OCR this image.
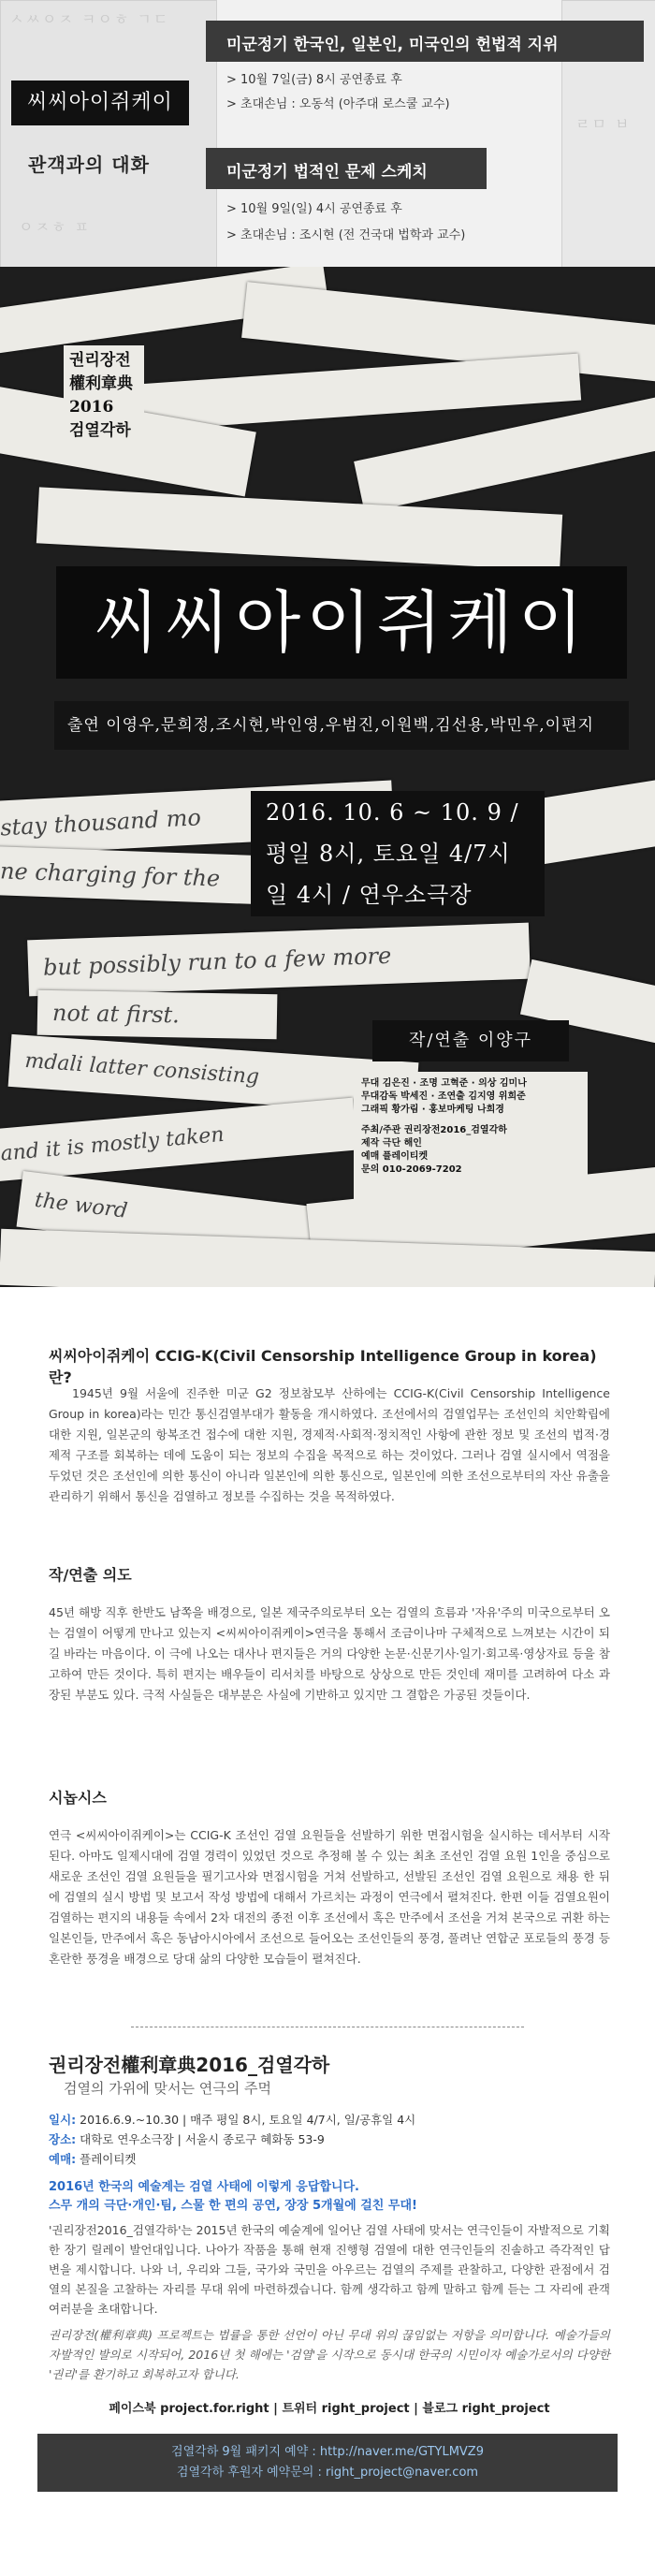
ㅅㅆㅇㅈ ㅋㅇㅎ ㄱㄷ
ㄹㅁ ㅂ
ㅇㅈㅎ ㅍ
씨씨아이쥐케이
관객과의 대화
미군정기 한국인, 일본인, 미국인의 헌법적 지위
> 10월 7일(금) 8시 공연종료 후
> 초대손님 : 오동석 (아주대 로스쿨 교수)
미군정기 법적인 문제 스케치
> 10월 9일(일) 4시 공연종료 후
> 초대손님 : 조시현 (전 건국대 법학과 교수)
stay thousand mo
ne charging for the
but possibly run to a few more
not at first.
mdali latter consisting
and it is mostly taken
the word
권리장전
權利章典
2016
검열각하
씨씨아이쥐케이
출연 이영우,문희정,조시현,박인영,우범진,이원백,김선용,박민우,이편지
2016. 10. 6 ~ 10. 9 /
평일 8시, 토요일 4/7시
일 4시 / 연우소극장
작/연출 이양구
무대 김은진 · 조명 고혁준 · 의상 김미나
무대감독 박세진 · 조연출 김지영 위희준
그래픽 황가림 · 홍보마케팅 나희경
주최/주관 권리장전2016_검열각하
제작 극단 해인
예매 플레이티켓
문의 010-2069-7202
씨씨아이쥐케이 CCIG-K(Civil Censorship Intelligence Group in korea)란?
1945년 9월 서울에 진주한 미군 G2 정보참모부 산하에는 CCIG-K(Civil Censorship Intelligence Group in korea)라는 민간 통신검열부대가 활동을 개시하였다. 조선에서의 검열업무는 조선인의 치안확립에 대한 지원, 일본군의 항복조건 접수에 대한 지원, 경제적·사회적·정치적인 사항에 관한 정보 및 조선의 법적·경제적 구조를 회복하는 데에 도움이 되는 정보의 수집을 목적으로 하는 것이었다. 그러나 검열 실시에서 역점을 두었던 것은 조선인에 의한 통신이 아니라 일본인에 의한 통신으로, 일본인에 의한 조선으로부터의 자산 유출을 관리하기 위해서 통신을 검열하고 정보를 수집하는 것을 목적하였다.
작/연출 의도
45년 해방 직후 한반도 남쪽을 배경으로, 일본 제국주의로부터 오는 검열의 흐름과 '자유'주의 미국으로부터 오는 검열이 어떻게 만나고 있는지 <씨씨아이쥐케이>연극을 통해서 조금이나마 구체적으로 느껴보는 시간이 되길 바라는 마음이다. 이 극에 나오는 대사나 편지들은 거의 다양한 논문·신문기사·일기·회고록·영상자료 등을 참고하여 만든 것이다. 특히 편지는 배우들이 리서치를 바탕으로 상상으로 만든 것인데 재미를 고려하여 다소 과장된 부분도 있다. 극적 사실들은 대부분은 사실에 기반하고 있지만 그 결합은 가공된 것들이다.
시놉시스
연극 <씨씨아이쥐케이>는 CCIG-K 조선인 검열 요원들을 선발하기 위한 면접시험을 실시하는 데서부터 시작된다. 아마도 일제시대에 검열 경력이 있었던 것으로 추정해 볼 수 있는 최초 조선인 검열 요원 1인을 중심으로 새로운 조선인 검열 요원들을 필기고사와 면접시험을 거쳐 선발하고, 선발된 조선인 검열 요원으로 채용 한 뒤에 검열의 실시 방법 및 보고서 작성 방법에 대해서 가르치는 과정이 연극에서 펼쳐진다. 한편 이들 검열요원이 검열하는 편지의 내용들 속에서 2차 대전의 종전 이후 조선에서 혹은 만주에서 조선을 거쳐 본국으로 귀환 하는 일본인들, 만주에서 혹은 동남아시아에서 조선으로 들어오는 조선인들의 풍경, 풀려난 연합군 포로들의 풍경 등 혼란한 풍경을 배경으로 당대 삶의 다양한 모습들이 펼쳐진다.
권리장전權利章典2016_검열각하
검열의 가위에 맞서는 연극의 주먹
일시: 2016.6.9.~10.30 | 매주 평일 8시, 토요일 4/7시, 일/공휴일 4시
장소: 대학로 연우소극장 | 서울시 종로구 혜화동 53-9
예매: 플레이티켓
2016년 한국의 예술계는 검열 사태에 이렇게 응답합니다.
스무 개의 극단·개인·팀, 스물 한 편의 공연, 장장 5개월에 걸친 무대!
'권리장전2016_검열각하'는 2015년 한국의 예술계에 일어난 검열 사태에 맞서는 연극인들이 자발적으로 기획한 장기 릴레이 발언대입니다. 나아가 작품을 통해 현재 진행형 검열에 대한 연극인들의 진솔하고 즉각적인 답변을 제시합니다. 나와 너, 우리와 그들, 국가와 국민을 아우르는 검열의 주제를 관찰하고, 다양한 관점에서 검열의 본질을 고찰하는 자리를 무대 위에 마련하겠습니다. 함께 생각하고 함께 말하고 함께 듣는 그 자리에 관객 여러분을 초대합니다.
권리장전(權利章典) 프로젝트는 법률을 통한 선언이 아닌 무대 위의 끊임없는 저항을 의미합니다. 예술가들의 자발적인 발의로 시작되어, 2016년 첫 해에는 '검열'을 시작으로 동시대 한국의 시민이자 예술가로서의 다양한 '권리'를 환기하고 회복하고자 합니다.
페이스북 project.for.right | 트위터 right_project | 블로그 right_project
검열각하 9월 패키지 예약 : http://naver.me/GTYLMVZ9
검열각하 후원자 예약문의 : right_project@naver.com
